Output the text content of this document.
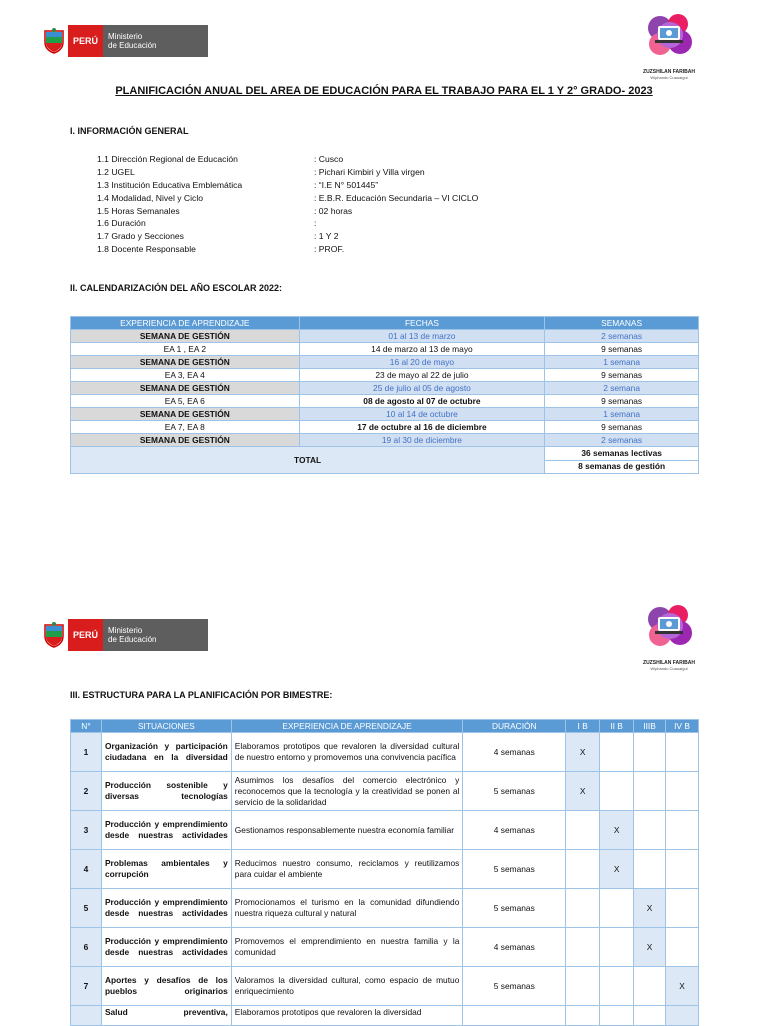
PERÚ	Ministerio
de Educación
ZUZSHILAN FARIBAH
Wiphandu Cuauaigul
PLANIFICACIÓN ANUAL DEL AREA DE EDUCACIÓN PARA EL TRABAJO PARA EL 1 Y 2° GRADO- 2023
I. INFORMACIÓN GENERAL
1.1 Dirección Regional de Educación	: Cusco
1.2 UGEL	: Pichari Kimbiri y Villa virgen
1.3 Institución Educativa Emblemática	: “I.E N° 501445”
1.4 Modalidad, Nivel y Ciclo	: E.B.R. Educación Secundaria – VI CICLO
1.5 Horas Semanales	: 02 horas
1.6 Duración	:
1.7 Grado y Secciones	: 1 Y 2
1.8 Docente Responsable	: PROF.
II. CALENDARIZACIÓN DEL AÑO ESCOLAR 2022:
EXPERIENCIA DE APRENDIZAJE	FECHAS	SEMANAS
SEMANA DE GESTIÓN	01 al 13 de marzo	2 semanas
EA 1 , EA 2	14 de marzo al 13 de mayo	9 semanas
SEMANA DE GESTIÓN	16 al 20 de mayo	1 semana
EA 3, EA 4	23 de mayo al 22 de julio	9 semanas
SEMANA DE GESTIÓN	25 de julio al 05 de agosto	2 semana
EA 5, EA 6	08 de agosto al 07 de octubre	9 semanas
SEMANA DE GESTIÓN	10 al 14 de octubre	1 semana
EA 7, EA 8	17 de octubre al 16 de diciembre	9 semanas
SEMANA DE GESTIÓN	19 al 30 de diciembre	2 semanas
TOTAL		36 semanas lectivas
		8 semanas de gestión
PERÚ	Ministerio
de Educación
ZUZSHILAN FARIBAH
Wiphandu Cuauaigul
III. ESTRUCTURA PARA LA PLANIFICACIÓN POR BIMESTRE:
N°	SITUACIONES	EXPERIENCIA DE APRENDIZAJE	DURACIÓN	I B	II B	IIIB	IV B
1	Organización y participación ciudadana en la diversidad	Elaboramos prototipos que revaloren la diversidad cultural de nuestro entorno y promovemos una convivencia pacífica	4 semanas	X			
2	Producción sostenible y diversas tecnologías	Asumimos los desafíos del comercio electrónico y reconocemos que la tecnología y la creatividad se ponen al servicio de la solidaridad	5 semanas	X			
3	Producción y emprendimiento desde nuestras actividades	Gestionamos responsablemente nuestra economía familiar	4 semanas		X		
4	Problemas ambientales y corrupción	Reducimos nuestro consumo, reciclamos y reutilizamos para cuidar el ambiente	5 semanas		X		
5	Producción y emprendimiento desde nuestras actividades	Promocionamos el turismo en la comunidad difundiendo nuestra riqueza cultural y natural	5 semanas			X	
6	Producción y emprendimiento desde nuestras actividades	Promovemos el emprendimiento en nuestra familia y la comunidad	4 semanas			X	
7	Aportes y desafíos de los pueblos originarios	Valoramos la diversidad cultural, como espacio de mutuo enriquecimiento	5 semanas				X
	Salud preventiva,	Elaboramos prototipos que revaloren la diversidad					
